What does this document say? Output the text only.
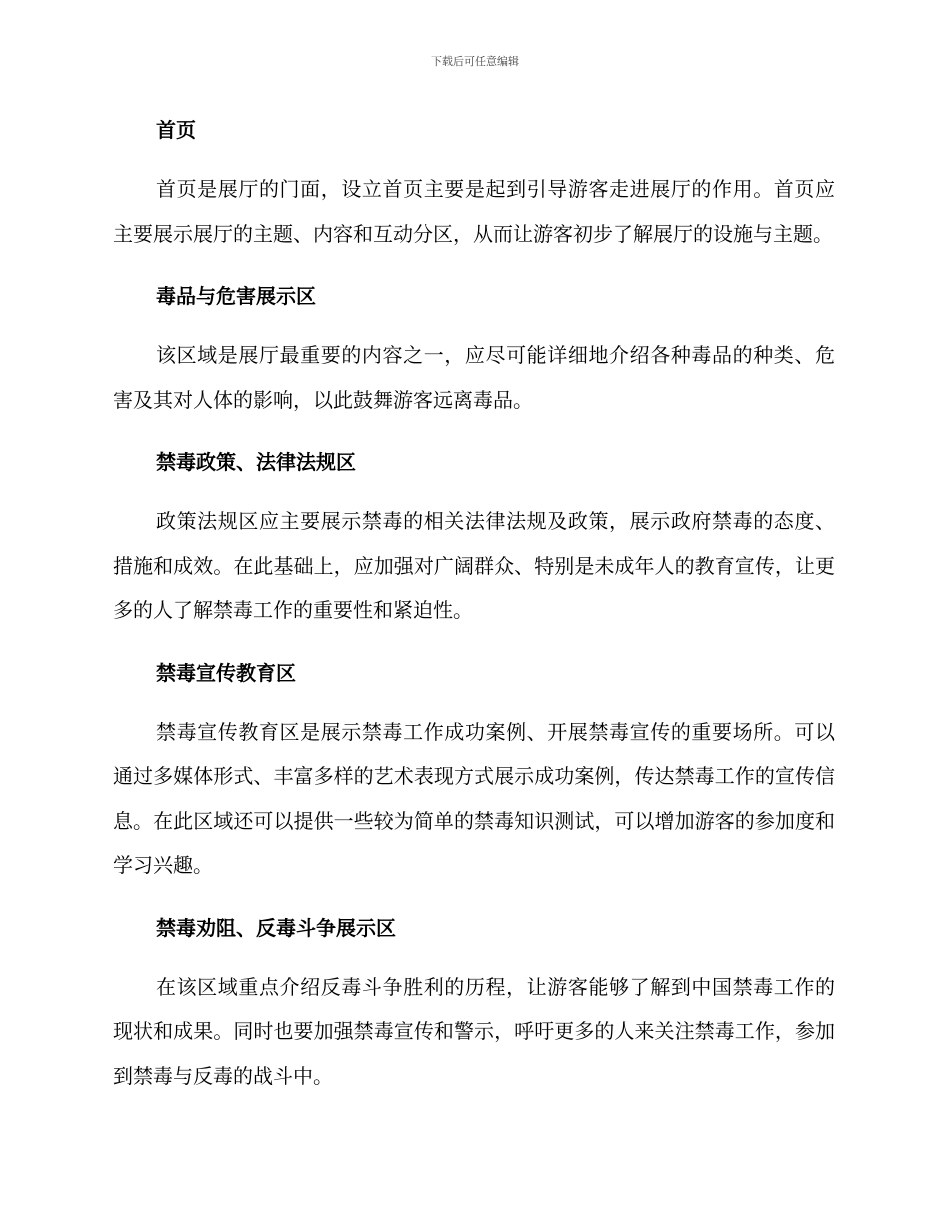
下载后可任意编辑
首页

首页是展厅的门面，设立首页主要是起到引导游客走进展厅的作用。首页应主要展示展厅的主题、内容和互动分区，从而让游客初步了解展厅的设施与主题。

毒品与危害展示区

该区域是展厅最重要的内容之一，应尽可能详细地介绍各种毒品的种类、危害及其对人体的影响，以此鼓舞游客远离毒品。

禁毒政策、法律法规区

政策法规区应主要展示禁毒的相关法律法规及政策，展示政府禁毒的态度、措施和成效。在此基础上，应加强对广阔群众、特别是未成年人的教育宣传，让更多的人了解禁毒工作的重要性和紧迫性。

禁毒宣传教育区

禁毒宣传教育区是展示禁毒工作成功案例、开展禁毒宣传的重要场所。可以通过多媒体形式、丰富多样的艺术表现方式展示成功案例，传达禁毒工作的宣传信息。在此区域还可以提供一些较为简单的禁毒知识测试，可以增加游客的参加度和学习兴趣。

禁毒劝阻、反毒斗争展示区

在该区域重点介绍反毒斗争胜利的历程，让游客能够了解到中国禁毒工作的现状和成果。同时也要加强禁毒宣传和警示，呼吁更多的人来关注禁毒工作，参加到禁毒与反毒的战斗中。
